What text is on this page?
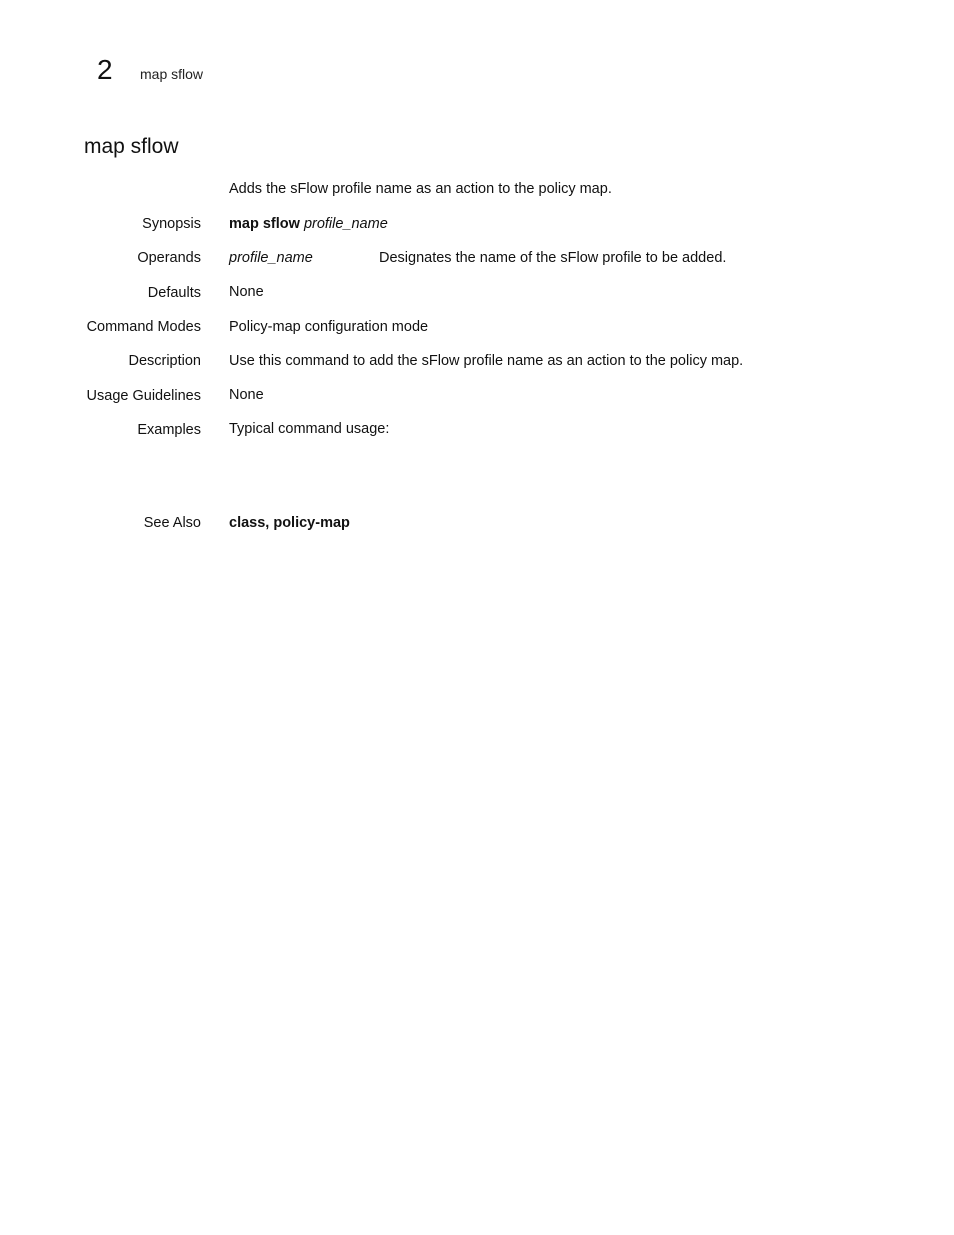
2 map sflow
map sflow
Adds the sFlow profile name as an action to the policy map.
Synopsis map sflow profile_name
Operands profile_name	Designates the name of the sFlow profile to be added.
Defaults None
Command Modes Policy-map configuration mode
Description Use this command to add the sFlow profile name as an action to the policy map.
Usage Guidelines None
Examples Typical command usage:
See Also class, policy-map
